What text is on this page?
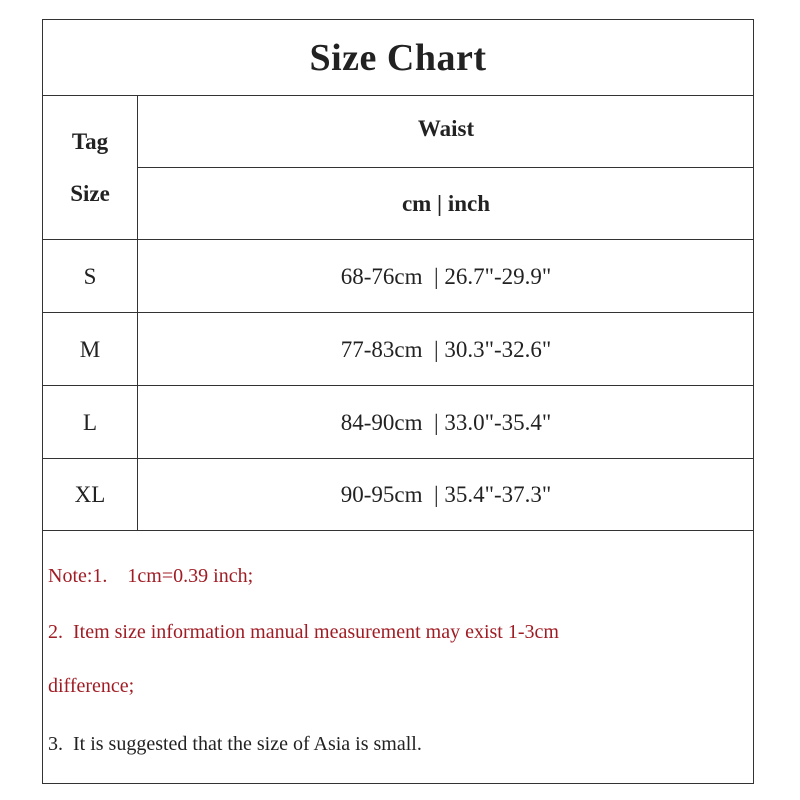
Size Chart
Tag
Size
Waist
cm | inch
S	68-76cm  | 26.7"-29.9"
M	77-83cm  | 30.3"-32.6"
L	84-90cm  | 33.0"-35.4"
XL	90-95cm  | 35.4"-37.3"
Note:1.    1cm=0.39 inch;
2.  Item size information manual measurement may exist 1-3cm
difference;
3.  It is suggested that the size of Asia is small.
